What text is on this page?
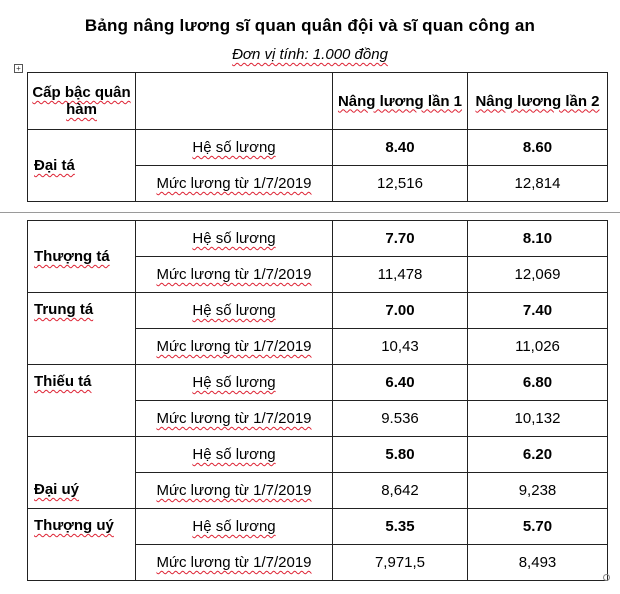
Bảng nâng lương sĩ quan quân đội và sĩ quan công an
Đơn vị tính: 1.000 đồng
+
Cấp bậc quân hàm		Nâng lương lần 1	Nâng lương lần 2
Đại tá	Hệ số lương	8.40	8.60
	Mức lương từ 1/7/2019	12,516	12,814
Thượng tá	Hệ số lương	7.70	8.10
	Mức lương từ 1/7/2019	11,478	12,069
Trung tá	Hệ số lương	7.00	7.40
	Mức lương từ 1/7/2019	10,43	11,026
Thiếu tá	Hệ số lương	6.40	6.80
	Mức lương từ 1/7/2019	9.536	10,132
Đại uý	Hệ số lương	5.80	6.20
	Mức lương từ 1/7/2019	8,642	9,238
Thượng uý	Hệ số lương	5.35	5.70
	Mức lương từ 1/7/2019	7,971,5	8,493
